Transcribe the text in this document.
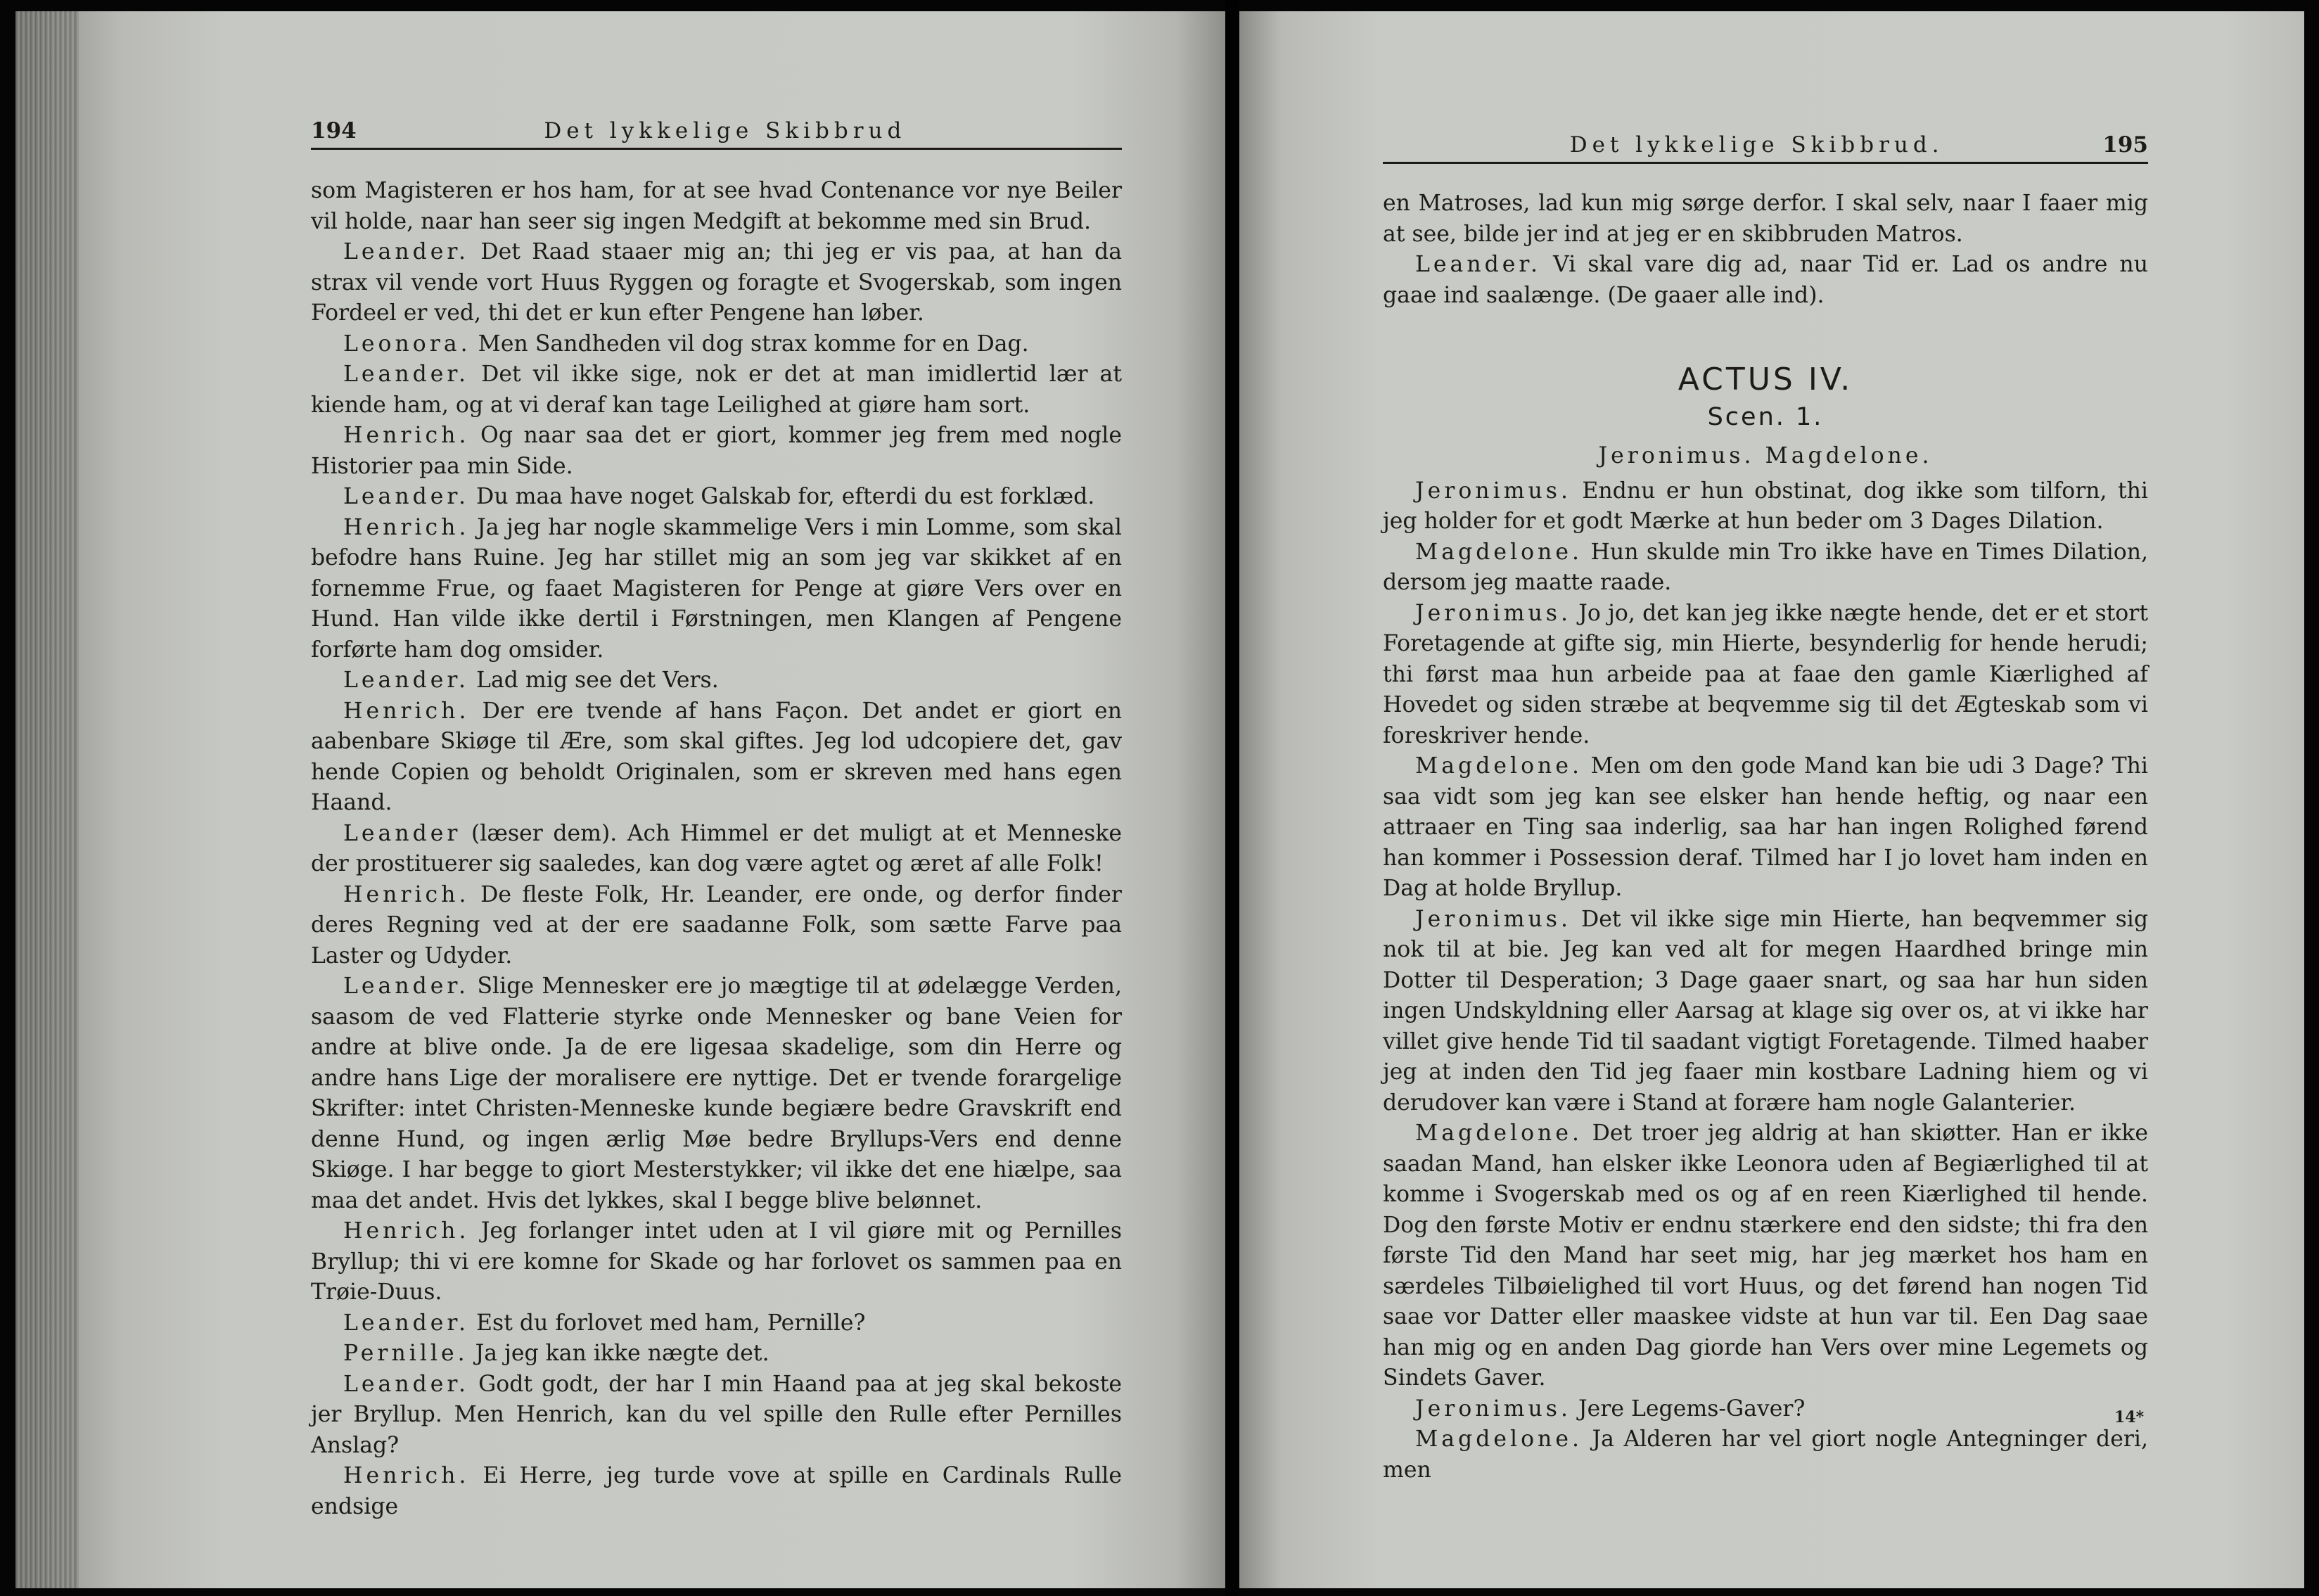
194	Det lykkelige Skibbrud

som Magisteren er hos ham, for at see hvad Contenance vor nye Beiler vil holde, naar han seer sig ingen Medgift at bekomme med sin Brud.

Leander. Det Raad staaer mig an; thi jeg er vis paa, at han da strax vil vende vort Huus Ryggen og foragte et Svogerskab, som ingen Fordeel er ved, thi det er kun efter Pengene han løber.

Leonora. Men Sandheden vil dog strax komme for en Dag.

Leander. Det vil ikke sige, nok er det at man imidlertid lær at kiende ham, og at vi deraf kan tage Leilighed at giøre ham sort.

Henrich. Og naar saa det er giort, kommer jeg frem med nogle Historier paa min Side.

Leander. Du maa have noget Galskab for, efterdi du est forklæd.

Henrich. Ja jeg har nogle skammelige Vers i min Lomme, som skal befodre hans Ruine. Jeg har stillet mig an som jeg var skikket af en fornemme Frue, og faaet Magisteren for Penge at giøre Vers over en Hund. Han vilde ikke dertil i Førstningen, men Klangen af Pengene forførte ham dog omsider.

Leander. Lad mig see det Vers.

Henrich. Der ere tvende af hans Façon. Det andet er giort en aabenbare Skiøge til Ære, som skal giftes. Jeg lod udcopiere det, gav hende Copien og beholdt Originalen, som er skreven med hans egen Haand.

Leander (læser dem). Ach Himmel er det muligt at et Menneske der prostituerer sig saaledes, kan dog være agtet og æret af alle Folk!

Henrich. De fleste Folk, Hr. Leander, ere onde, og derfor finder deres Regning ved at der ere saadanne Folk, som sætte Farve paa Laster og Udyder.

Leander. Slige Mennesker ere jo mægtige til at ødelægge Verden, saasom de ved Flatterie styrke onde Mennesker og bane Veien for andre at blive onde. Ja de ere ligesaa skadelige, som din Herre og andre hans Lige der moralisere ere nyttige. Det er tvende forargelige Skrifter: intet Christen-Menneske kunde begiære bedre Gravskrift end denne Hund, og ingen ærlig Møe bedre Bryllups-Vers end denne Skiøge. I har begge to giort Mesterstykker; vil ikke det ene hiælpe, saa maa det andet. Hvis det lykkes, skal I begge blive belønnet.

Henrich. Jeg forlanger intet uden at I vil giøre mit og Pernilles Bryllup; thi vi ere komne for Skade og har forlovet os sammen paa en Trøie-Duus.

Leander. Est du forlovet med ham, Pernille?

Pernille. Ja jeg kan ikke nægte det.

Leander. Godt godt, der har I min Haand paa at jeg skal bekoste jer Bryllup. Men Henrich, kan du vel spille den Rulle efter Pernilles Anslag?

Henrich. Ei Herre, jeg turde vove at spille en Cardinals Rulle endsige

Det lykkelige Skibbrud.	195

en Matroses, lad kun mig sørge derfor. I skal selv, naar I faaer mig at see, bilde jer ind at jeg er en skibbruden Matros.

Leander. Vi skal vare dig ad, naar Tid er. Lad os andre nu gaae ind saalænge. (De gaaer alle ind).

ACTUS IV.
Scen. 1.
Jeronimus. Magdelone.

Jeronimus. Endnu er hun obstinat, dog ikke som tilforn, thi jeg holder for et godt Mærke at hun beder om 3 Dages Dilation.

Magdelone. Hun skulde min Tro ikke have en Times Dilation, dersom jeg maatte raade.

Jeronimus. Jo jo, det kan jeg ikke nægte hende, det er et stort Foretagende at gifte sig, min Hierte, besynderlig for hende herudi; thi først maa hun arbeide paa at faae den gamle Kiærlighed af Hovedet og siden stræbe at beqvemme sig til det Ægteskab som vi foreskriver hende.

Magdelone. Men om den gode Mand kan bie udi 3 Dage? Thi saa vidt som jeg kan see elsker han hende heftig, og naar een attraaer en Ting saa inderlig, saa har han ingen Rolighed førend han kommer i Possession deraf. Tilmed har I jo lovet ham inden en Dag at holde Bryllup.

Jeronimus. Det vil ikke sige min Hierte, han beqvemmer sig nok til at bie. Jeg kan ved alt for megen Haardhed bringe min Dotter til Desperation; 3 Dage gaaer snart, og saa har hun siden ingen Undskyldning eller Aarsag at klage sig over os, at vi ikke har villet give hende Tid til saadant vigtigt Foretagende. Tilmed haaber jeg at inden den Tid jeg faaer min kostbare Ladning hiem og vi derudover kan være i Stand at forære ham nogle Galanterier.

Magdelone. Det troer jeg aldrig at han skiøtter. Han er ikke saadan Mand, han elsker ikke Leonora uden af Begiærlighed til at komme i Svogerskab med os og af en reen Kiærlighed til hende. Dog den første Motiv er endnu stærkere end den sidste; thi fra den første Tid den Mand har seet mig, har jeg mærket hos ham en særdeles Tilbøielighed til vort Huus, og det førend han nogen Tid saae vor Datter eller maaskee vidste at hun var til. Een Dag saae han mig og en anden Dag giorde han Vers over mine Legemets og Sindets Gaver.

Jeronimus. Jere Legems-Gaver?

Magdelone. Ja Alderen har vel giort nogle Antegninger deri, men

14*
